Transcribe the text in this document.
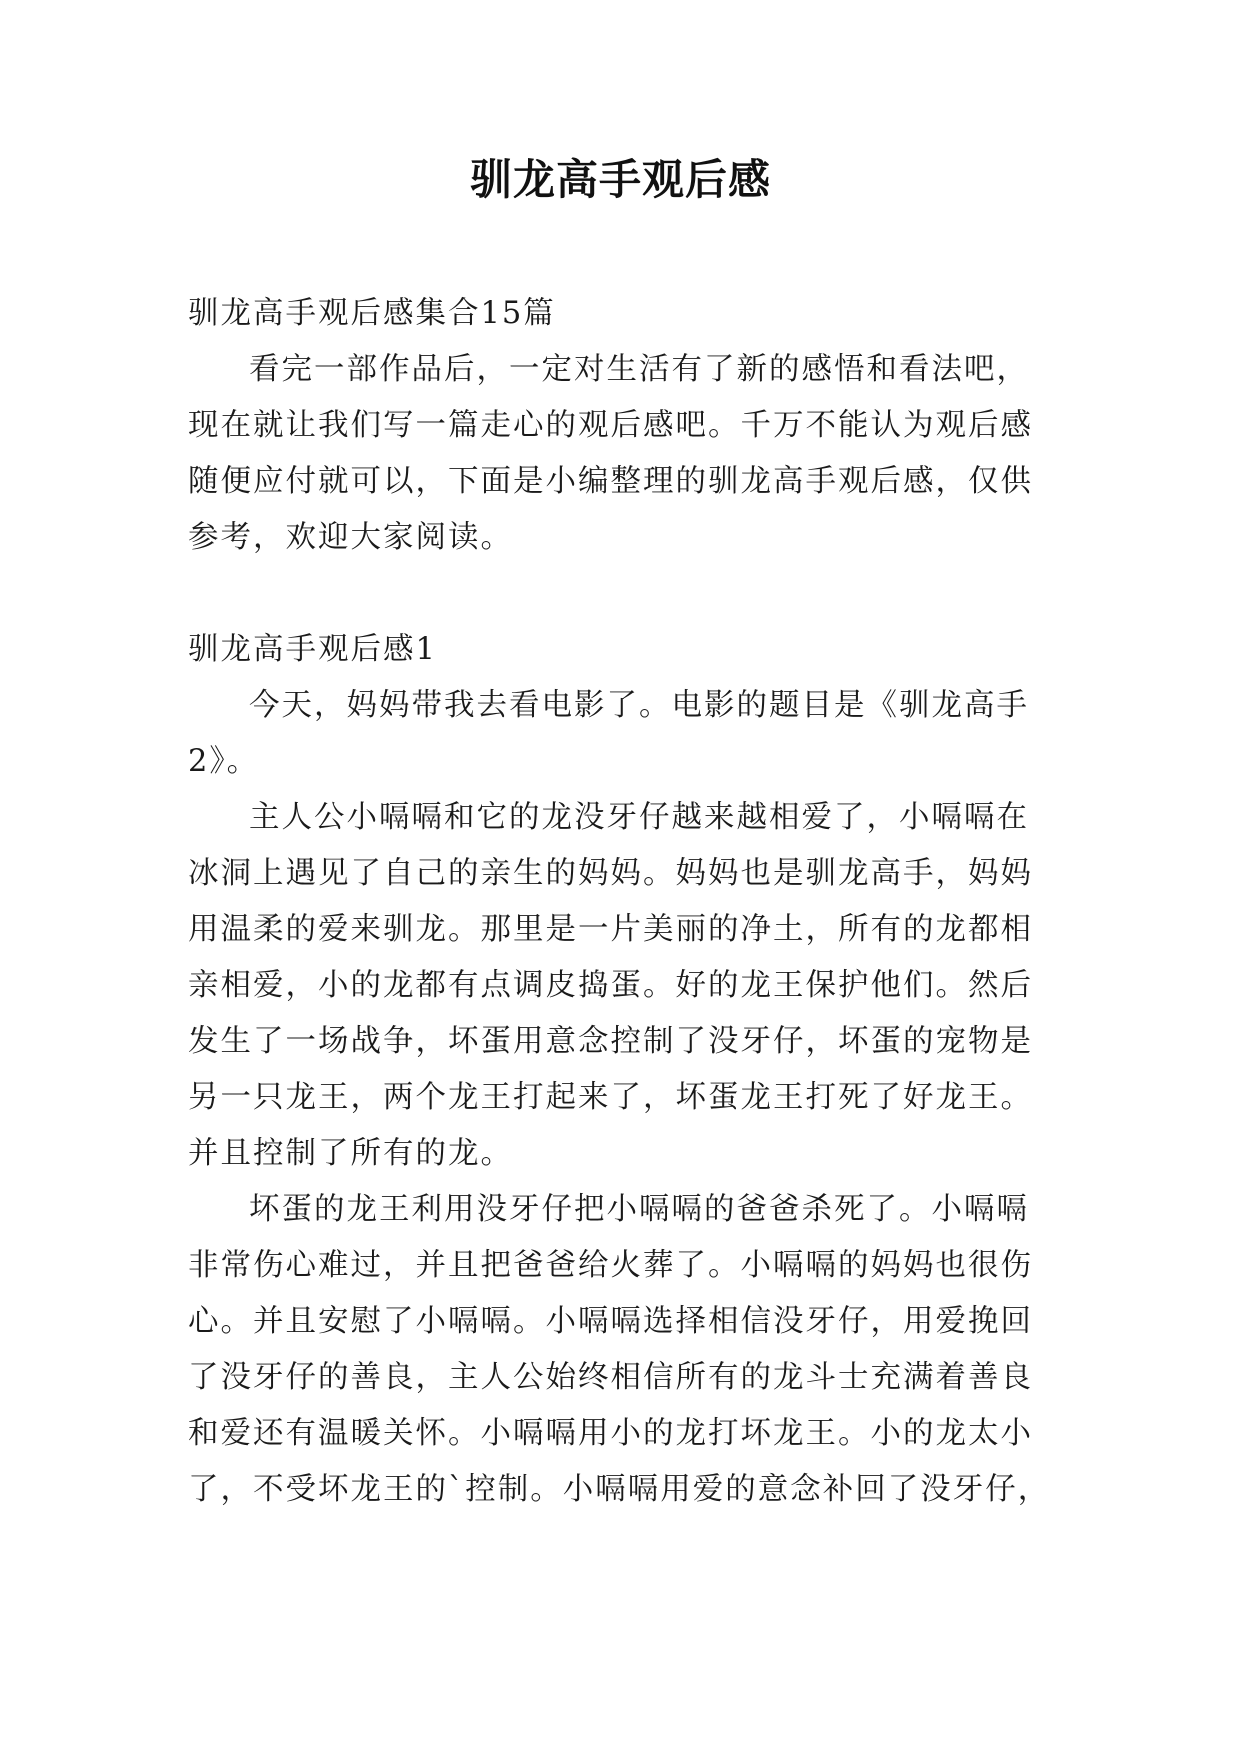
驯龙高手观后感

驯龙高手观后感集合15篇

看完一部作品后，一定对生活有了新的感悟和看法吧，现在就让我们写一篇走心的观后感吧。千万不能认为观后感随便应付就可以，下面是小编整理的驯龙高手观后感，仅供参考，欢迎大家阅读。

驯龙高手观后感1

今天，妈妈带我去看电影了。电影的题目是《驯龙高手2》。

主人公小嗝嗝和它的龙没牙仔越来越相爱了，小嗝嗝在冰洞上遇见了自己的亲生的妈妈。妈妈也是驯龙高手，妈妈用温柔的爱来驯龙。那里是一片美丽的净土，所有的龙都相亲相爱，小的龙都有点调皮捣蛋。好的龙王保护他们。然后发生了一场战争，坏蛋用意念控制了没牙仔，坏蛋的宠物是另一只龙王，两个龙王打起来了，坏蛋龙王打死了好龙王。并且控制了所有的龙。

坏蛋的龙王利用没牙仔把小嗝嗝的爸爸杀死了。小嗝嗝非常伤心难过，并且把爸爸给火葬了。小嗝嗝的妈妈也很伤心。并且安慰了小嗝嗝。小嗝嗝选择相信没牙仔，用爱挽回了没牙仔的善良，主人公始终相信所有的龙斗士充满着善良和爱还有温暖关怀。小嗝嗝用小的龙打坏龙王。小的龙太小了，不受坏龙王的`控制。小嗝嗝用爱的意念补回了没牙仔，
